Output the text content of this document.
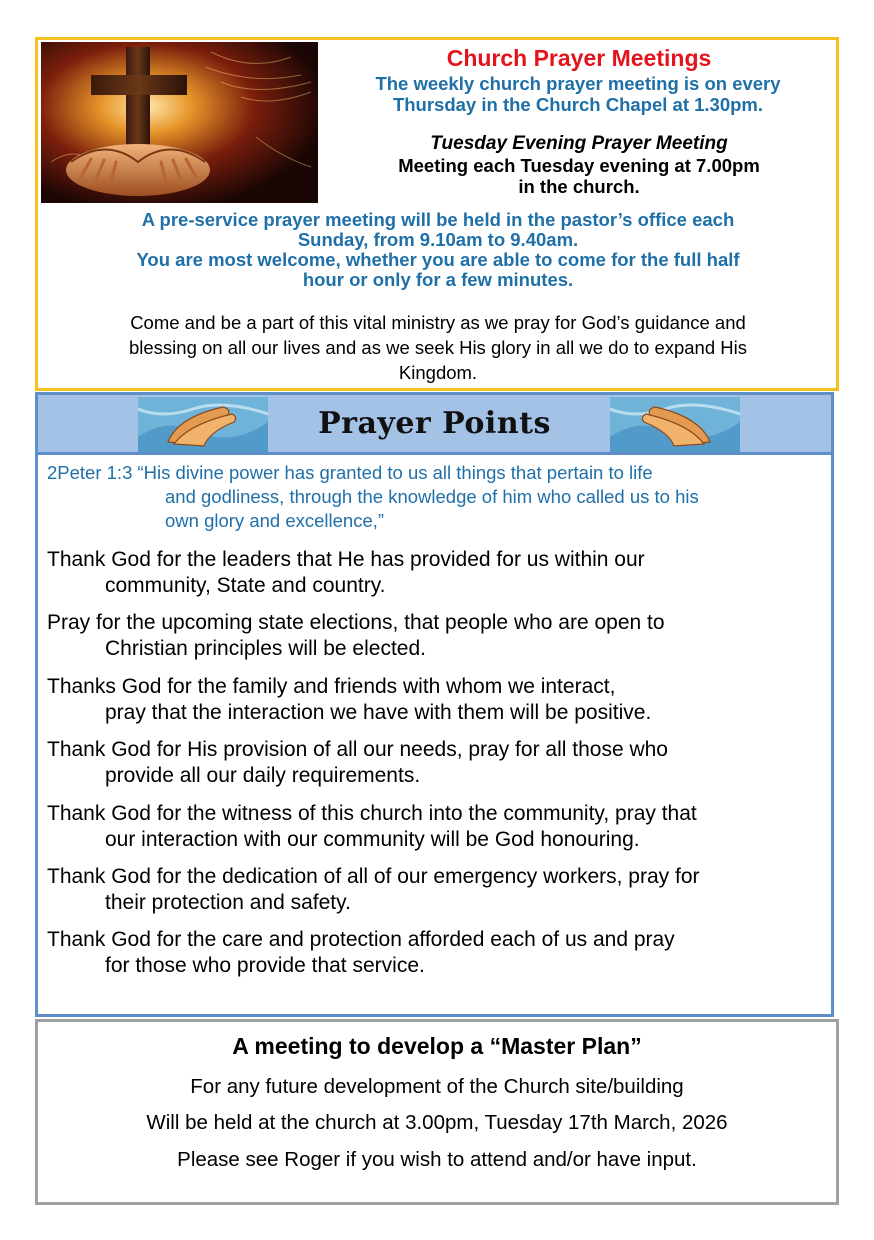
Church Prayer Meetings
The weekly church prayer meeting is on every
Thursday in the Church Chapel at 1.30pm.
Tuesday Evening Prayer Meeting
Meeting each Tuesday evening at 7.00pm
in the church.
A pre-service prayer meeting will be held in the pastor’s office each
Sunday, from 9.10am to 9.40am.
You are most welcome, whether you are able to come for the full half
hour or only for a few minutes.
Come and be a part of this vital ministry as we pray for God’s guidance and
blessing on all our lives and as we seek His glory in all we do to expand His
Kingdom.
Prayer Points
2Peter 1:3 “His divine power has granted to us all things that pertain to life
and godliness, through the knowledge of him who called us to his
own glory and excellence,”
Thank God for the leaders that He has provided for us within our
community, State and country.
Pray for the upcoming state elections, that people who are open to
Christian principles will be elected.
Thanks God for the family and friends with whom we interact,
pray that the interaction we have with them will be positive.
Thank God for His provision of all our needs, pray for all those who
provide all our daily requirements.
Thank God for the witness of this church into the community, pray that
our interaction with our community will be God honouring.
Thank God for the dedication of all of our emergency workers, pray for
their protection and safety.
Thank God for the care and protection afforded each of us and pray
for those who provide that service.
A meeting to develop a “Master Plan”
For any future development of the Church site/building
Will be held at the church at 3.00pm, Tuesday 17th March, 2026
Please see Roger if you wish to attend and/or have input.
